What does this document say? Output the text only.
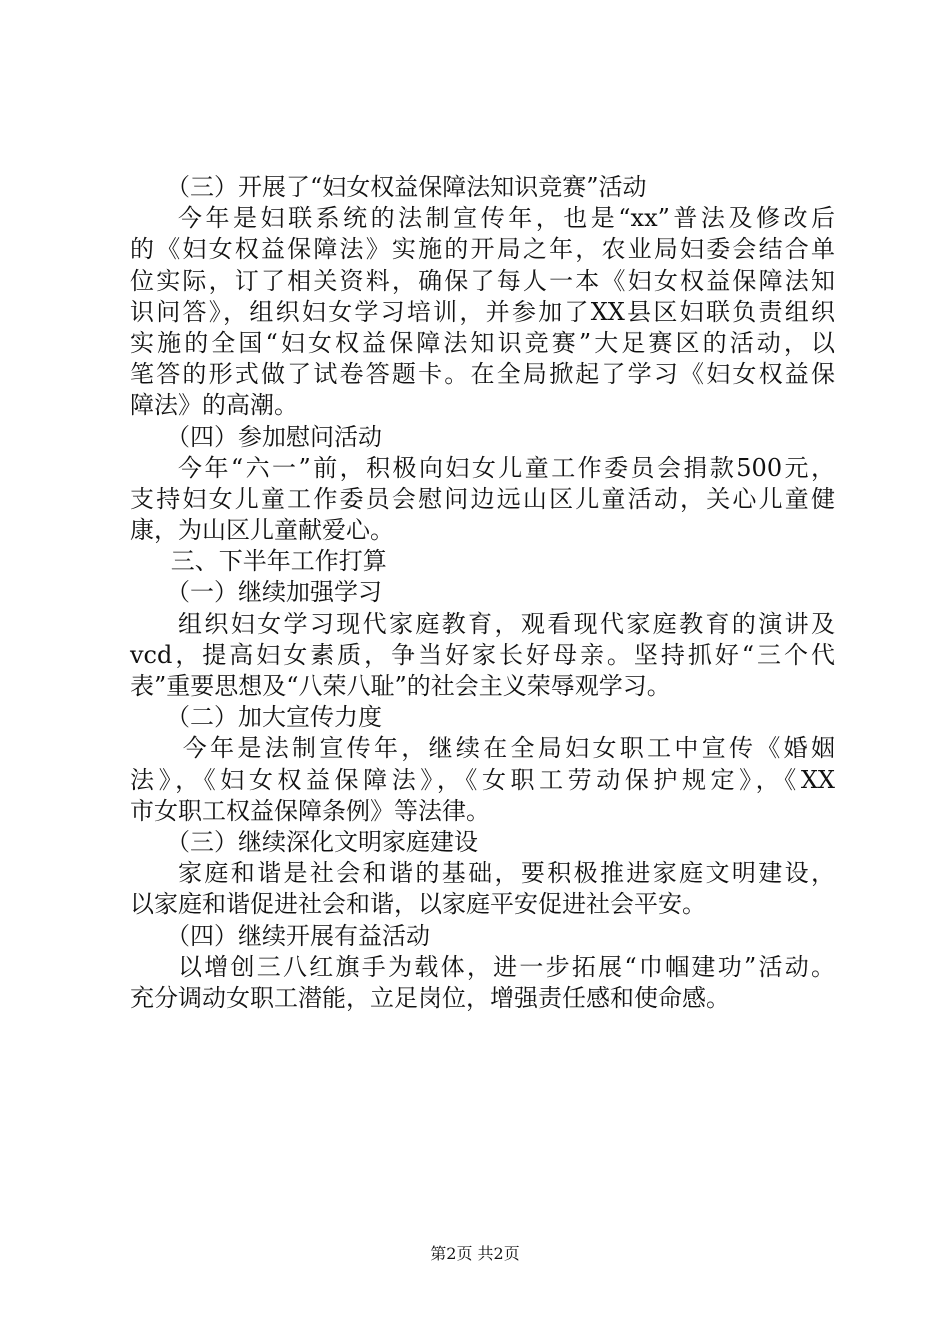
（三）开展了“妇女权益保障法知识竞赛”活动
今年是妇联系统的法制宣传年，也是“xx”普法及修改后
的《妇女权益保障法》实施的开局之年，农业局妇委会结合单
位实际，订了相关资料，确保了每人一本《妇女权益保障法知
识问答》，组织妇女学习培训，并参加了XX县区妇联负责组织
实施的全国“妇女权益保障法知识竞赛”大足赛区的活动，以
笔答的形式做了试卷答题卡。在全局掀起了学习《妇女权益保
障法》的高潮。
（四）参加慰问活动
今年“六一”前，积极向妇女儿童工作委员会捐款500元，
支持妇女儿童工作委员会慰问边远山区儿童活动，关心儿童健
康，为山区儿童献爱心。
三、下半年工作打算
（一）继续加强学习
组织妇女学习现代家庭教育，观看现代家庭教育的演讲及
vcd，提高妇女素质，争当好家长好母亲。坚持抓好“三个代
表”重要思想及“八荣八耻”的社会主义荣辱观学习。
（二）加大宣传力度
今年是法制宣传年，继续在全局妇女职工中宣传《婚姻
法》，《妇女权益保障法》，《女职工劳动保护规定》，《XX
市女职工权益保障条例》等法律。
（三）继续深化文明家庭建设
家庭和谐是社会和谐的基础，要积极推进家庭文明建设，
以家庭和谐促进社会和谐，以家庭平安促进社会平安。
（四）继续开展有益活动
以增创三八红旗手为载体，进一步拓展“巾帼建功”活动。
充分调动女职工潜能，立足岗位，增强责任感和使命感。
第2页 共2页
